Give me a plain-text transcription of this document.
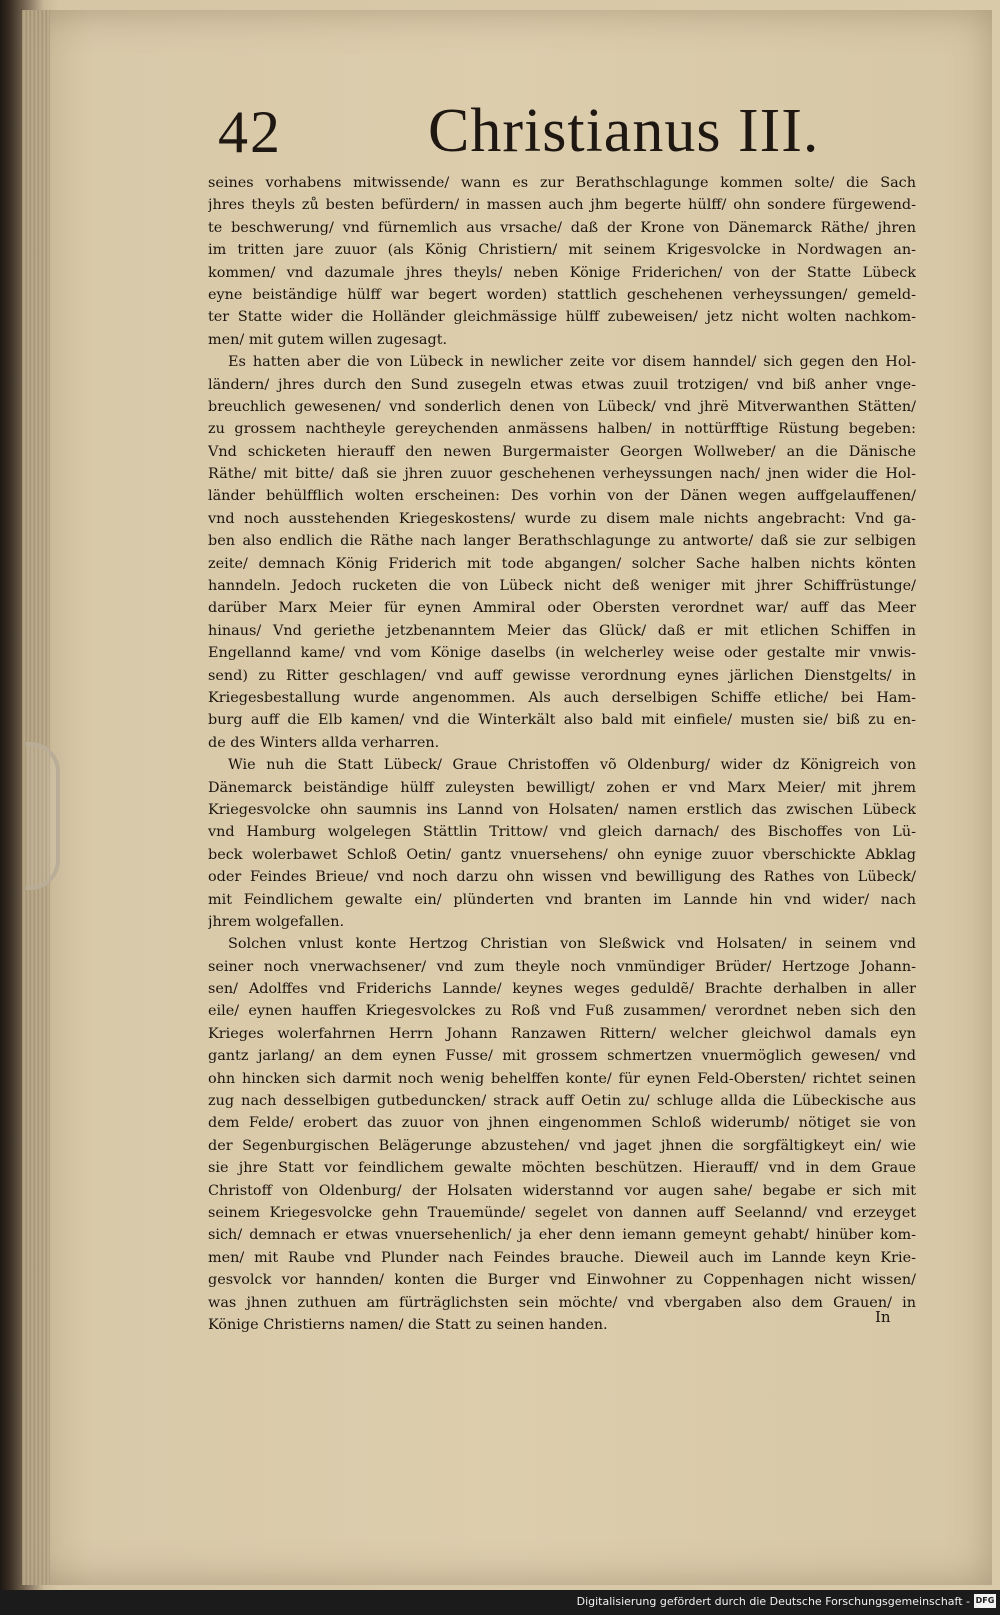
42 Christianus III.
seines vorhabens mitwissende/ wann es zur Berathschlagunge kommen solte/ die Sach
jhres theyls zů besten befürdern/ in massen auch jhm begerte hülff/ ohn sondere fürgewend-
te beschwerung/ vnd fürnemlich aus vrsache/ daß der Krone von Dänemarck Räthe/ jhren
im tritten jare zuuor (als König Christiern/ mit seinem Krigesvolcke in Nordwagen an-
kommen/ vnd dazumale jhres theyls/ neben Könige Friderichen/ von der Statte Lübeck
eyne beiständige hülff war begert worden) stattlich geschehenen verheyssungen/ gemeld-
ter Statte wider die Holländer gleichmässige hülff zubeweisen/ jetz nicht wolten nachkom-
men/ mit gutem willen zugesagt.
Es hatten aber die von Lübeck in newlicher zeite vor disem hanndel/ sich gegen den Hol-
ländern/ jhres durch den Sund zusegeln etwas etwas zuuil trotzigen/ vnd biß anher vnge-
breuchlich gewesenen/ vnd sonderlich denen von Lübeck/ vnd jhrë Mitverwanthen Stätten/
zu grossem nachtheyle gereychenden anmässens halben/ in nottürfftige Rüstung begeben:
Vnd schicketen hierauff den newen Burgermaister Georgen Wollweber/ an die Dänische
Räthe/ mit bitte/ daß sie jhren zuuor geschehenen verheyssungen nach/ jnen wider die Hol-
länder behülfflich wolten erscheinen: Des vorhin von der Dänen wegen auffgelauffenen/
vnd noch ausstehenden Kriegeskostens/ wurde zu disem male nichts angebracht: Vnd ga-
ben also endlich die Räthe nach langer Berathschlagunge zu antworte/ daß sie zur selbigen
zeite/ demnach König Friderich mit tode abgangen/ solcher Sache halben nichts könten
hanndeln. Jedoch rucketen die von Lübeck nicht deß weniger mit jhrer Schiffrüstunge/
darüber Marx Meier für eynen Ammiral oder Obersten verordnet war/ auff das Meer
hinaus/ Vnd geriethe jetzbenanntem Meier das Glück/ daß er mit etlichen Schiffen in
Engellannd kame/ vnd vom Könige daselbs (in welcherley weise oder gestalte mir vnwis-
send) zu Ritter geschlagen/ vnd auff gewisse verordnung eynes järlichen Dienstgelts/ in
Kriegesbestallung wurde angenommen. Als auch derselbigen Schiffe etliche/ bei Ham-
burg auff die Elb kamen/ vnd die Winterkält also bald mit einfiele/ musten sie/ biß zu en-
de des Winters allda verharren.
Wie nuh die Statt Lübeck/ Graue Christoffen võ Oldenburg/ wider dz Königreich von
Dänemarck beiständige hülff zuleysten bewilligt/ zohen er vnd Marx Meier/ mit jhrem
Kriegesvolcke ohn saumnis ins Lannd von Holsaten/ namen erstlich das zwischen Lübeck
vnd Hamburg wolgelegen Stättlin Trittow/ vnd gleich darnach/ des Bischoffes von Lü-
beck wolerbawet Schloß Oetin/ gantz vnuersehens/ ohn eynige zuuor vberschickte Abklag
oder Feindes Brieue/ vnd noch darzu ohn wissen vnd bewilligung des Rathes von Lübeck/
mit Feindlichem gewalte ein/ plünderten vnd branten im Lannde hin vnd wider/ nach
jhrem wolgefallen.
Solchen vnlust konte Hertzog Christian von Sleßwick vnd Holsaten/ in seinem vnd
seiner noch vnerwachsener/ vnd zum theyle noch vnmündiger Brüder/ Hertzoge Johann-
sen/ Adolffes vnd Friderichs Lannde/ keynes weges geduldẽ/ Brachte derhalben in aller
eile/ eynen hauffen Kriegesvolckes zu Roß vnd Fuß zusammen/ verordnet neben sich den
Krieges wolerfahrnen Herrn Johann Ranzawen Rittern/ welcher gleichwol damals eyn
gantz jarlang/ an dem eynen Fusse/ mit grossem schmertzen vnuermöglich gewesen/ vnd
ohn hincken sich darmit noch wenig behelffen konte/ für eynen Feld-Obersten/ richtet seinen
zug nach desselbigen gutbeduncken/ strack auff Oetin zu/ schluge allda die Lübeckische aus
dem Felde/ erobert das zuuor von jhnen eingenommen Schloß widerumb/ nötiget sie von
der Segenburgischen Belägerunge abzustehen/ vnd jaget jhnen die sorgfältigkeyt ein/ wie
sie jhre Statt vor feindlichem gewalte möchten beschützen. Hierauff/ vnd in dem Graue
Christoff von Oldenburg/ der Holsaten widerstannd vor augen sahe/ begabe er sich mit
seinem Kriegesvolcke gehn Trauemünde/ segelet von dannen auff Seelannd/ vnd erzeyget
sich/ demnach er etwas vnuersehenlich/ ja eher denn iemann gemeynt gehabt/ hinüber kom-
men/ mit Raube vnd Plunder nach Feindes brauche. Dieweil auch im Lannde keyn Krie-
gesvolck vor hannden/ konten die Burger vnd Einwohner zu Coppenhagen nicht wissen/
was jhnen zuthuen am fürträglichsten sein möchte/ vnd vbergaben also dem Grauen/ in
Könige Christierns namen/ die Statt zu seinen handen.	In
Digitalisierung gefördert durch die Deutsche Forschungsgemeinschaft - DFG
